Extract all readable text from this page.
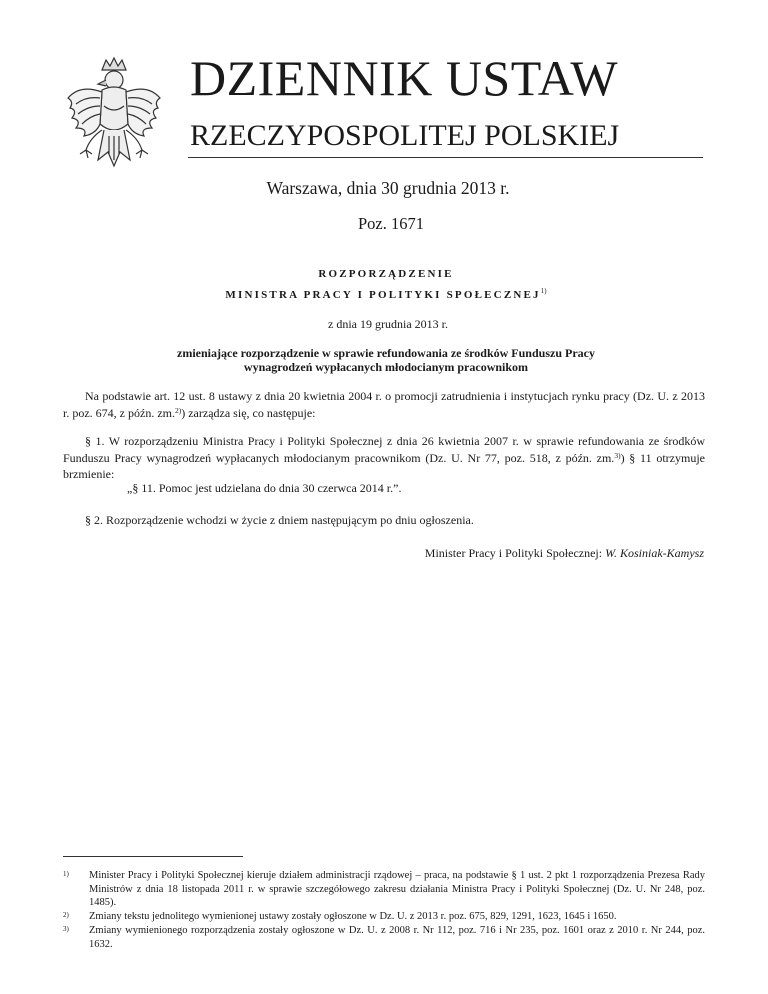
DZIENNIK USTAW
RZECZYPOSPOLITEJ POLSKIEJ
Warszawa, dnia 30 grudnia 2013 r.
Poz. 1671
ROZPORZĄDZENIE
MINISTRA PRACY I POLITYKI SPOŁECZNEJ$^{1)}$
z dnia 19 grudnia 2013 r.
zmieniające rozporządzenie w sprawie refundowania ze środków Funduszu Pracy
wynagrodzeń wypłacanych młodocianym pracownikom
Na podstawie art. 12 ust. 8 ustawy z dnia 20 kwietnia 2004 r. o promocji zatrudnienia i instytucjach rynku pracy (Dz. U. z 2013 r. poz. 674, z późn. zm.$^{2)}$) zarządza się, co następuje:
§ 1. W rozporządzeniu Ministra Pracy i Polityki Społecznej z dnia 26 kwietnia 2007 r. w sprawie refundowania ze środków Funduszu Pracy wynagrodzeń wypłacanych młodocianym pracownikom (Dz. U. Nr 77, poz. 518, z późn. zm.$^{3)}$) § 11 otrzymuje brzmienie:
„§ 11. Pomoc jest udzielana do dnia 30 czerwca 2014 r.”.
§ 2. Rozporządzenie wchodzi w życie z dniem następującym po dniu ogłoszenia.
Minister Pracy i Polityki Społecznej: W. Kosiniak-Kamysz
1) Minister Pracy i Polityki Społecznej kieruje działem administracji rządowej – praca, na podstawie § 1 ust. 2 pkt 1 rozporządzenia Prezesa Rady Ministrów z dnia 18 listopada 2011 r. w sprawie szczegółowego zakresu działania Ministra Pracy i Polityki Społecznej (Dz. U. Nr 248, poz. 1485).
2) Zmiany tekstu jednolitego wymienionej ustawy zostały ogłoszone w Dz. U. z 2013 r. poz. 675, 829, 1291, 1623, 1645 i 1650.
3) Zmiany wymienionego rozporządzenia zostały ogłoszone w Dz. U. z 2008 r. Nr 112, poz. 716 i Nr 235, poz. 1601 oraz z 2010 r. Nr 244, poz. 1632.
